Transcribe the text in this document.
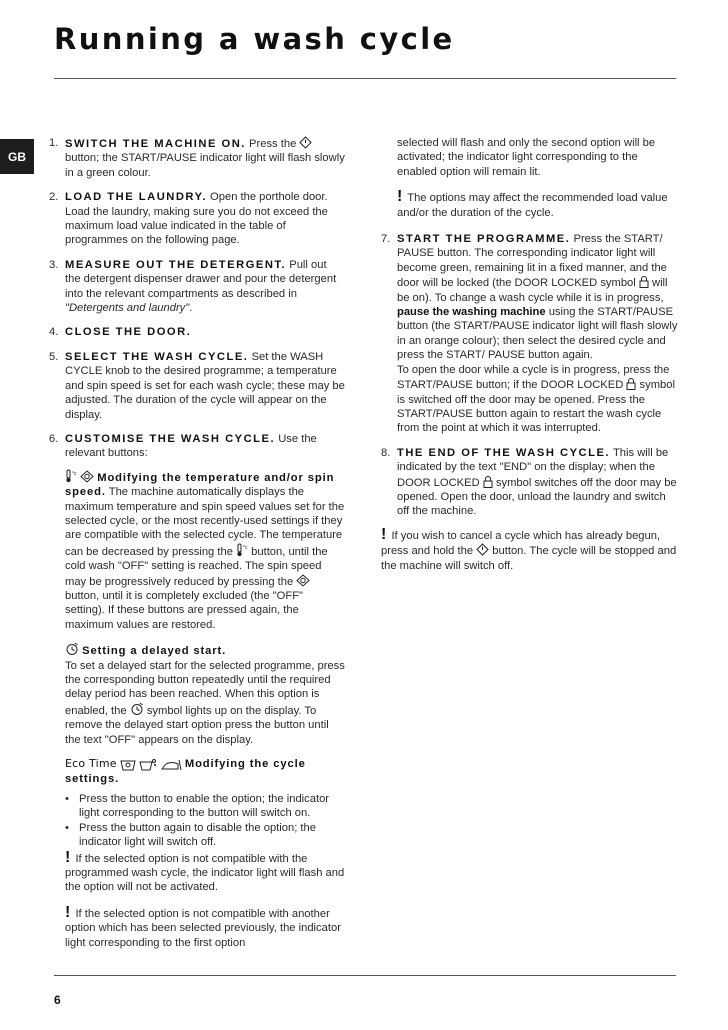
Running a wash cycle
GB
1. SWITCH THE MACHINE ON. Press the  button; the START/PAUSE indicator light will flash slowly in a green colour.
2. LOAD THE LAUNDRY. Open the porthole door. Load the laundry, making sure you do not exceed the maximum load value indicated in the table of programmes on the following page.
3. MEASURE OUT THE DETERGENT. Pull out the detergent dispenser drawer and pour the detergent into the relevant compartments as described in "Detergents and laundry".
4. CLOSE THE DOOR.
5. SELECT THE WASH CYCLE. Set the WASH CYCLE knob to the desired programme; a temperature and spin speed is set for each wash cycle; these may be adjusted. The duration of the cycle will appear on the display.
6. CUSTOMISE THE WASH CYCLE. Use the relevant buttons:
°c Modifying the temperature and/or spin speed. The machine automatically displays the maximum temperature and spin speed values set for the selected cycle, or the most recently-used settings if they are compatible with the selected cycle. The temperature can be decreased by pressing the °c button, until the cold wash "OFF" setting is reached. The spin speed may be progressively reduced by pressing the  button, until it is completely excluded (the "OFF" setting). If these buttons are pressed again, the maximum values are restored.
Setting a delayed start.
To set a delayed start for the selected programme, press the corresponding button repeatedly until the required delay period has been reached. When this option is enabled, the symbol lights up on the display. To remove the delayed start option press the button until the text "OFF" appears on the display.
Eco Time	Modifying the cycle settings.
• Press the button to enable the option; the indicator light corresponding to the button will switch on.
• Press the button again to disable the option; the indicator light will switch off.
! If the selected option is not compatible with the programmed wash cycle, the indicator light will flash and the option will not be activated.
! If the selected option is not compatible with another option which has been selected previously, the indicator light corresponding to the first option
selected will flash and only the second option will be activated; the indicator light corresponding to the enabled option will remain lit.
! The options may affect the recommended load value and/or the duration of the cycle.
7. START THE PROGRAMME. Press the START/ PAUSE button. The corresponding indicator light will become green, remaining lit in a fixed manner, and the door will be locked (the DOOR LOCKED symbol will be on). To change a wash cycle while it is in progress, pause the washing machine using the START/PAUSE button (the START/PAUSE indicator light will flash slowly in an orange colour); then select the desired cycle and press the START/ PAUSE button again.
To open the door while a cycle is in progress, press the START/PAUSE button; if the DOOR LOCKED symbol is switched off the door may be opened. Press the START/PAUSE button again to restart the wash cycle from the point at which it was interrupted.
8. THE END OF THE WASH CYCLE. This will be indicated by the text "END" on the display; when the DOOR LOCKED symbol switches off the door may be opened. Open the door, unload the laundry and switch off the machine.
! If you wish to cancel a cycle which has already begun, press and hold the button. The cycle will be stopped and the machine will switch off.
6
